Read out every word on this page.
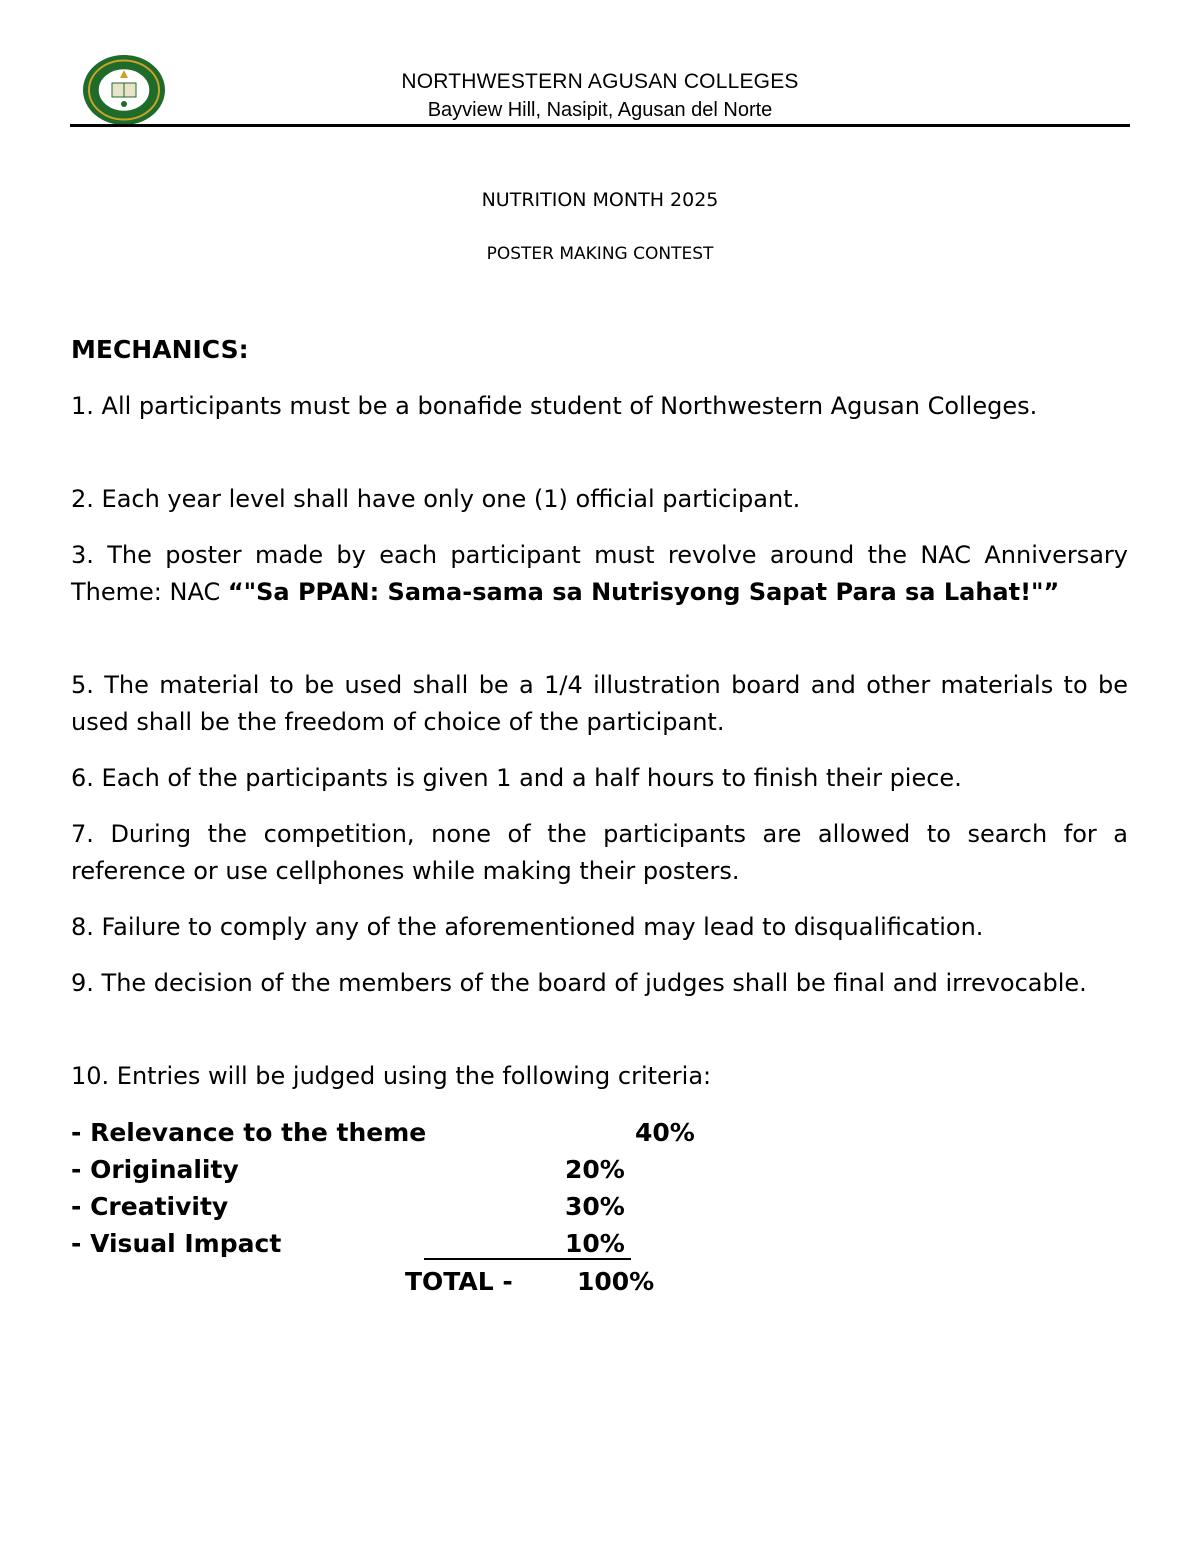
NORTHWESTERN AGUSAN COLLEGES
Bayview Hill, Nasipit, Agusan del Norte
NUTRITION MONTH 2025
POSTER MAKING CONTEST
MECHANICS:

1. All participants must be a bonafide student of Northwestern Agusan Colleges.

2. Each year level shall have only one (1) official participant.

3. The poster made by each participant must revolve around the NAC Anniversary Theme: NAC “"Sa PPAN: Sama-sama sa Nutrisyong Sapat Para sa Lahat!"”

5. The material to be used shall be a 1/4 illustration board and other materials to be used shall be the freedom of choice of the participant.

6. Each of the participants is given 1 and a half hours to finish their piece.

7. During the competition, none of the participants are allowed to search for a reference or use cellphones while making their posters.

8. Failure to comply any of the aforementioned may lead to disqualification.

9. The decision of the members of the board of judges shall be final and irrevocable.

10. Entries will be judged using the following criteria:

- Relevance to the theme	40%
- Originality	20%
- Creativity	30%
- Visual Impact	10%
TOTAL -	100%
